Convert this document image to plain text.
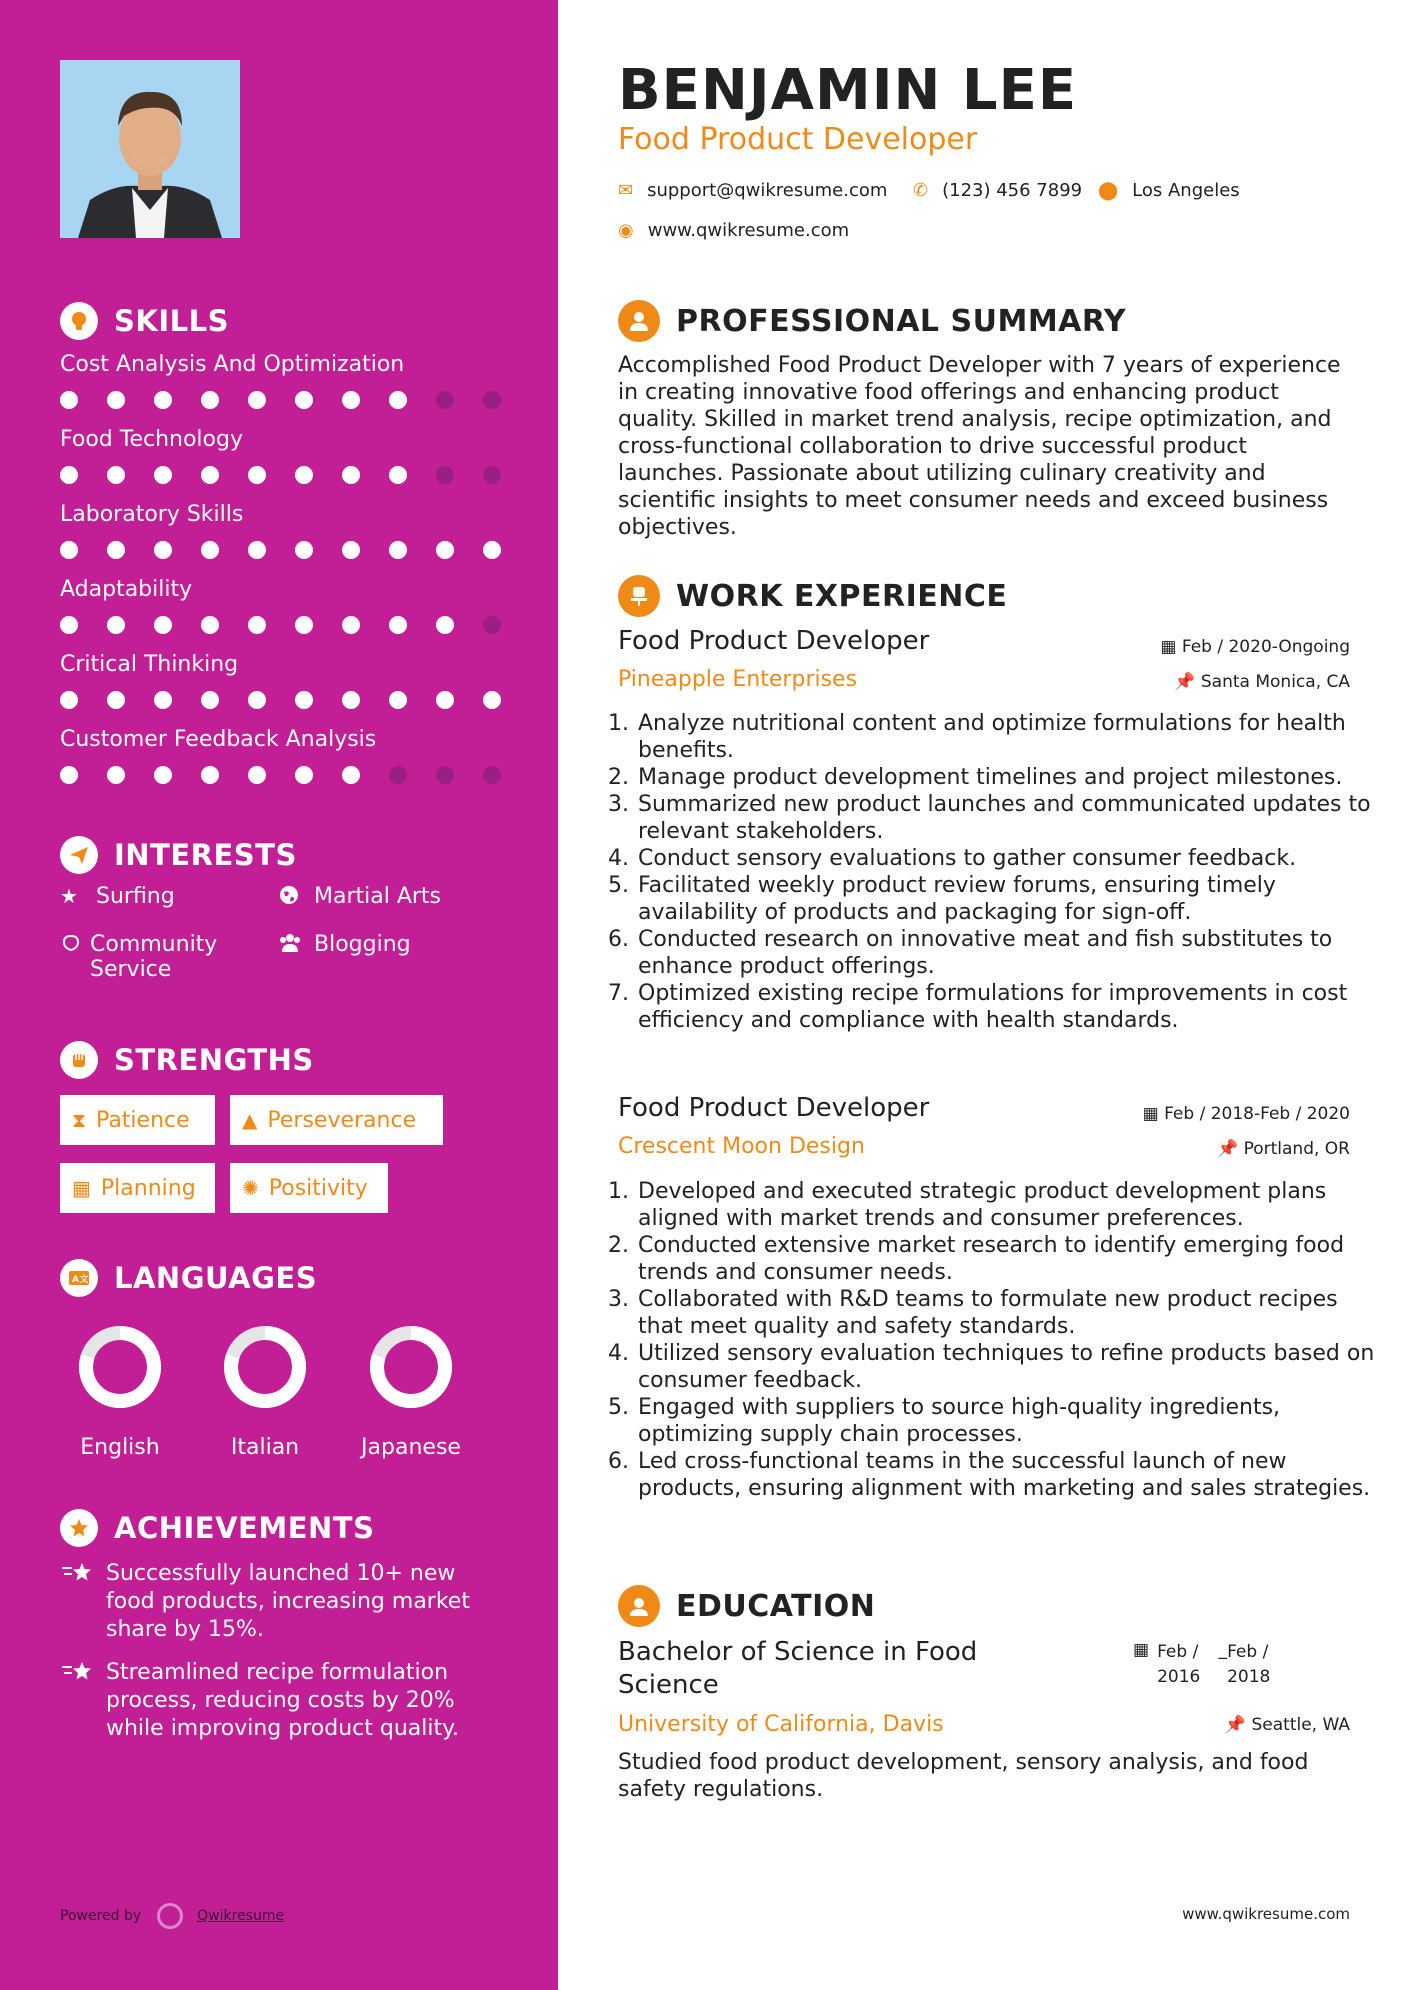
SKILLS
Cost Analysis And Optimization
Food Technology
Laboratory Skills
Adaptability
Critical Thinking
Customer Feedback Analysis
INTERESTS
★ Surfing	Martial Arts
Community Service
Blogging
STRENGTHS
⧗ Patience	▲ Perseverance
▦ Planning ✺ Positivity
A文 LANGUAGES
English	Italian	Japanese
ACHIEVEMENTS
Successfully launched 10+ new food products, increasing market share by 15%.
Streamlined recipe formulation process, reducing costs by 20% while improving product quality.
Powered by	Qwikresume
BENJAMIN LEE
Food Product Developer
✉ support@qwikresume.com ✆ (123) 456 7899 ⬤ Los Angeles
◉ www.qwikresume.com
PROFESSIONAL SUMMARY
Accomplished Food Product Developer with 7 years of experience in creating innovative food offerings and enhancing product quality. Skilled in market trend analysis, recipe optimization, and cross-functional collaboration to drive successful product launches. Passionate about utilizing culinary creativity and scientific insights to meet consumer needs and exceed business objectives.
WORK EXPERIENCE
Food Product Developer	▦ Feb / 2020-Ongoing
Pineapple Enterprises	📌 Santa Monica, CA
1. Analyze nutritional content and optimize formulations for health benefits.
2. Manage product development timelines and project milestones.
3. Summarized new product launches and communicated updates to relevant stakeholders.
4. Conduct sensory evaluations to gather consumer feedback.
5. Facilitated weekly product review forums, ensuring timely availability of products and packaging for sign-off.
6. Conducted research on innovative meat and fish substitutes to enhance product offerings.
7. Optimized existing recipe formulations for improvements in cost efficiency and compliance with health standards.
Food Product Developer	▦ Feb / 2018-Feb / 2020
Crescent Moon Design	📌 Portland, OR
1. Developed and executed strategic product development plans aligned with market trends and consumer preferences.
2. Conducted extensive market research to identify emerging food trends and consumer needs.
3. Collaborated with R&D teams to formulate new product recipes that meet quality and safety standards.
4. Utilized sensory evaluation techniques to refine products based on consumer feedback.
5. Engaged with suppliers to source high-quality ingredients, optimizing supply chain processes.
6. Led cross-functional teams in the successful launch of new products, ensuring alignment with marketing and sales strategies.
EDUCATION
Bachelor of Science in Food Science
▦ Feb / 2016
_ Feb / 2018
University of California, Davis	📌 Seattle, WA
Studied food product development, sensory analysis, and food safety regulations.
www.qwikresume.com
